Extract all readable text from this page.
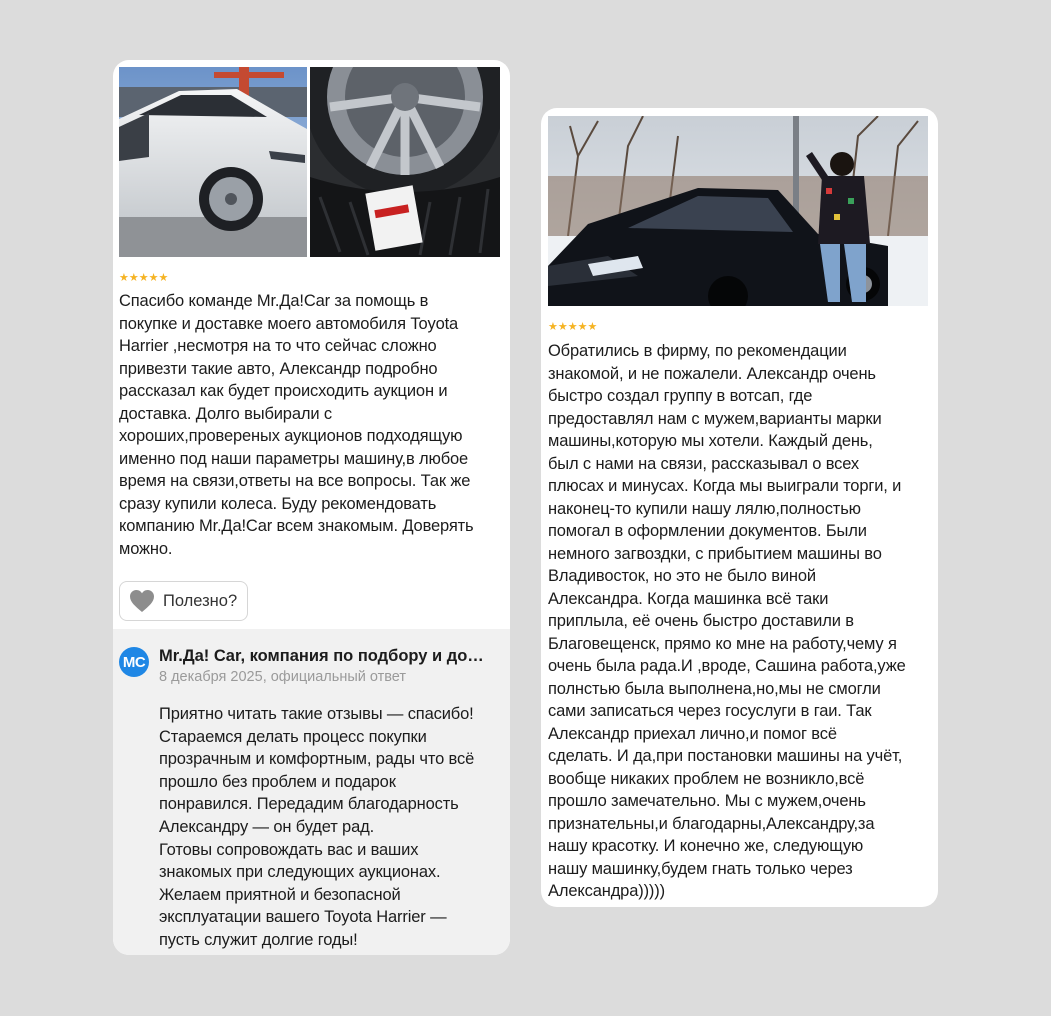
★★★★★
Спасибо команде Mr.Да!Car за помощь в
покупке и доставке моего автомобиля Toyota
Harrier ,несмотря на то что сейчас сложно
привезти такие авто, Александр подробно
рассказал как будет происходить аукцион и
доставка. Долго выбирали с
хороших,провереных аукционов подходящую
именно под наши параметры машину,в любое
время на связи,ответы на все вопросы. Так же
сразу купили колеса. Буду рекомендовать
компанию Mr.Да!Car всем знакомым. Доверять
можно.
Полезно?
MC Mr.Да! Car, компания по подбору и до…
8 декабря 2025, официальный ответ
Приятно читать такие отзывы — спасибо!
Стараемся делать процесс покупки
прозрачным и комфортным, рады что всё
прошло без проблем и подарок
понравился. Передадим благодарность
Александру — он будет рад.
Готовы сопровождать вас и ваших
знакомых при следующих аукционах.
Желаем приятной и безопасной
эксплуатации вашего Toyota Harrier —
пусть служит долгие годы!
★★★★★
Обратились в фирму, по рекомендации
знакомой, и не пожалели. Александр очень
быстро создал группу в вотсап, где
предоставлял нам с мужем,варианты марки
машины,которую мы хотели. Каждый день,
был с нами на связи, рассказывал о всех
плюсах и минусах. Когда мы выиграли торги, и
наконец-то купили нашу лялю,полностью
помогал в оформлении документов. Были
немного загвоздки, с прибытием машины во
Владивосток, но это не было виной
Александра. Когда машинка всё таки
приплыла, её очень быстро доставили в
Благовещенск, прямо ко мне на работу,чему я
очень была рада.И ,вроде, Сашина работа,уже
полнстью была выполнена,но,мы не смогли
сами записаться через госуслуги в гаи. Так
Александр приехал лично,и помог всё
сделать. И да,при постановки машины на учёт,
вообще никаких проблем не возникло,всё
прошло замечательно. Мы с мужем,очень
признательны,и благодарны,Александру,за
нашу красотку. И конечно же, следующую
нашу машинку,будем гнать только через
Александра)))))
